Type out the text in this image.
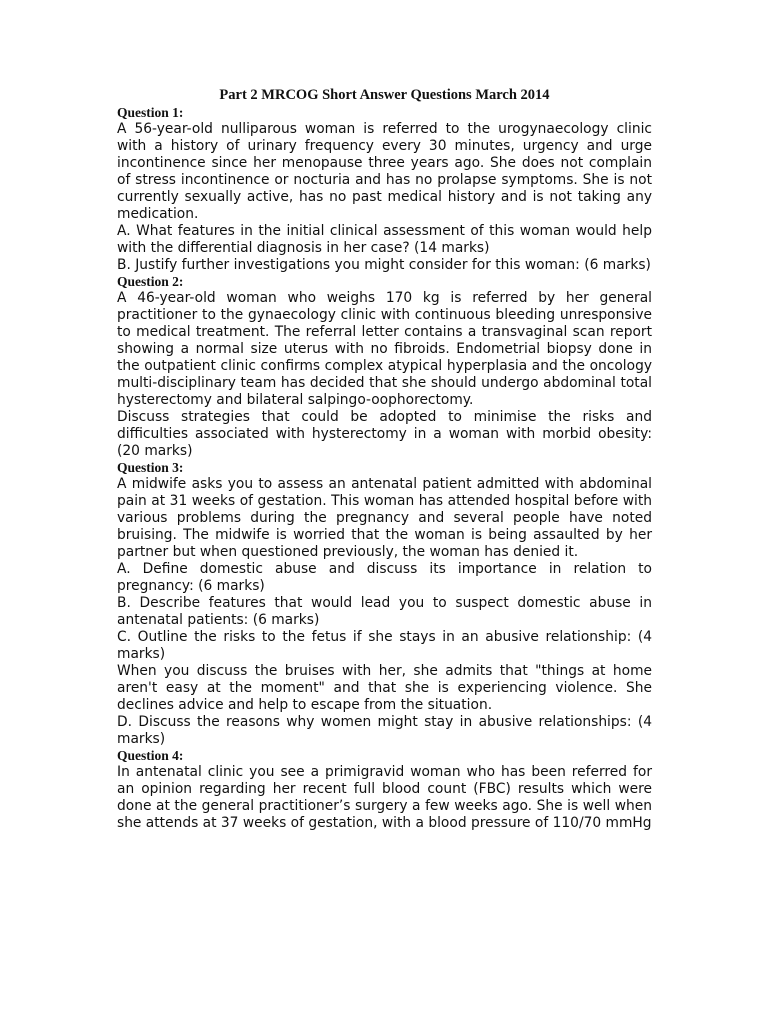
Part 2 MRCOG Short Answer Questions March 2014

Question 1:

A 56-year-old nulliparous woman is referred to the urogynaecology clinic with a history of urinary frequency every 30 minutes, urgency and urge incontinence since her menopause three years ago. She does not complain of stress incontinence or nocturia and has no prolapse symptoms. She is not currently sexually active, has no past medical history and is not taking any medication.

A. What features in the initial clinical assessment of this woman would help with the differential diagnosis in her case? (14 marks)

B. Justify further investigations you might consider for this woman: (6 marks)

Question 2:

A 46-year-old woman who weighs 170 kg is referred by her general practitioner to the gynaecology clinic with continuous bleeding unresponsive to medical treatment. The referral letter contains a transvaginal scan report showing a normal size uterus with no fibroids. Endometrial biopsy done in the outpatient clinic confirms complex atypical hyperplasia and the oncology multi-disciplinary team has decided that she should undergo abdominal total hysterectomy and bilateral salpingo-oophorectomy.

Discuss strategies that could be adopted to minimise the risks and difficulties associated with hysterectomy in a woman with morbid obesity: (20 marks)

Question 3:

A midwife asks you to assess an antenatal patient admitted with abdominal pain at 31 weeks of gestation. This woman has attended hospital before with various problems during the pregnancy and several people have noted bruising. The midwife is worried that the woman is being assaulted by her partner but when questioned previously, the woman has denied it.

A. Define domestic abuse and discuss its importance in relation to pregnancy: (6 marks)

B. Describe features that would lead you to suspect domestic abuse in antenatal patients: (6 marks)

C. Outline the risks to the fetus if she stays in an abusive relationship: (4 marks)

When you discuss the bruises with her, she admits that "things at home aren't easy at the moment" and that she is experiencing violence. She declines advice and help to escape from the situation.

D. Discuss the reasons why women might stay in abusive relationships: (4 marks)

Question 4:

In antenatal clinic you see a primigravid woman who has been referred for an opinion regarding her recent full blood count (FBC) results which were done at the general practitioner’s surgery a few weeks ago. She is well when she attends at 37 weeks of gestation, with a blood pressure of 110/70 mmHg
